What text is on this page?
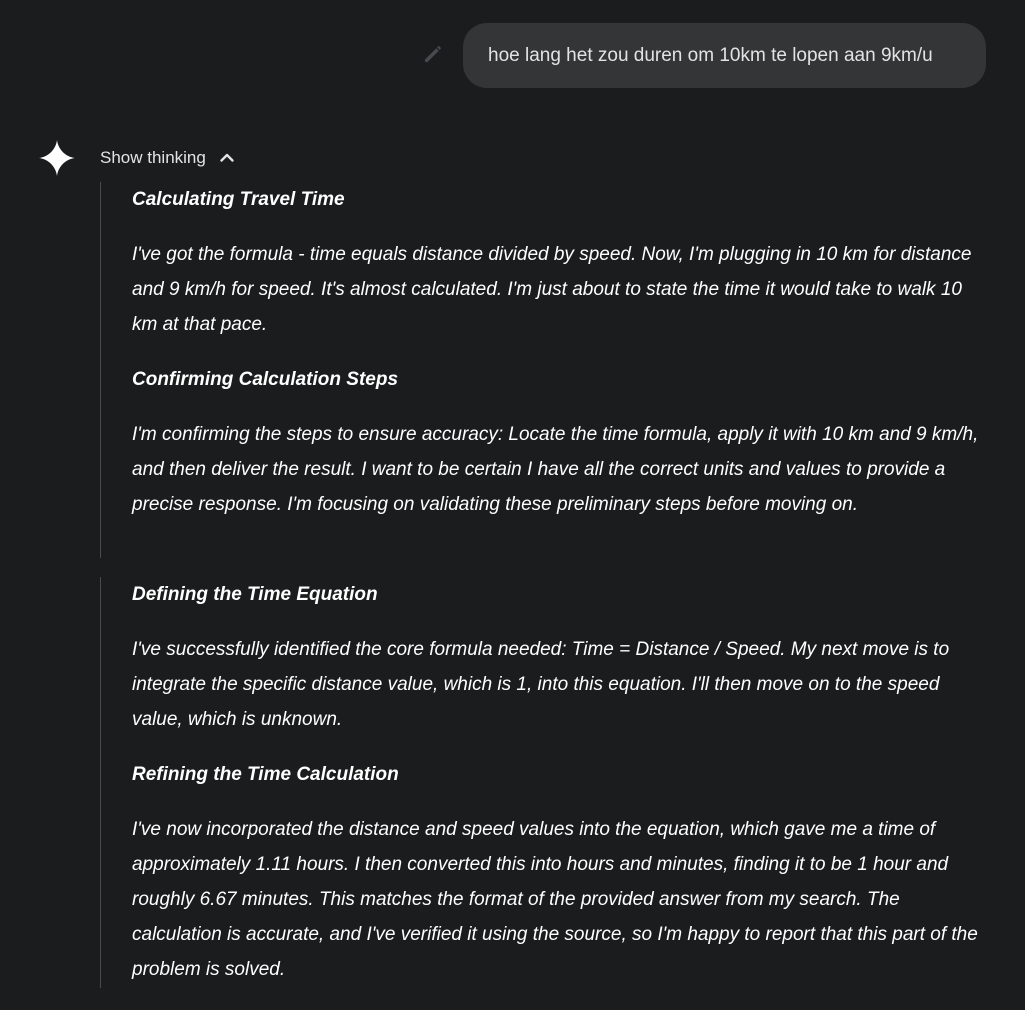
hoe lang het zou duren om 10km te lopen aan 9km/u
Show thinking

Calculating Travel Time

I've got the formula - time equals distance divided by speed. Now, I'm plugging in 10 km for distance and 9 km/h for speed. It's almost calculated. I'm just about to state the time it would take to walk 10 km at that pace.

Confirming Calculation Steps

I'm confirming the steps to ensure accuracy: Locate the time formula, apply it with 10 km and 9 km/h, and then deliver the result. I want to be certain I have all the correct units and values to provide a precise response. I'm focusing on validating these preliminary steps before moving on.

Defining the Time Equation

I've successfully identified the core formula needed: Time = Distance / Speed. My next move is to integrate the specific distance value, which is 1, into this equation. I'll then move on to the speed value, which is unknown.

Refining the Time Calculation

I've now incorporated the distance and speed values into the equation, which gave me a time of approximately 1.11 hours. I then converted this into hours and minutes, finding it to be 1 hour and roughly 6.67 minutes. This matches the format of the provided answer from my search. The calculation is accurate, and I've verified it using the source, so I'm happy to report that this part of the problem is solved.
